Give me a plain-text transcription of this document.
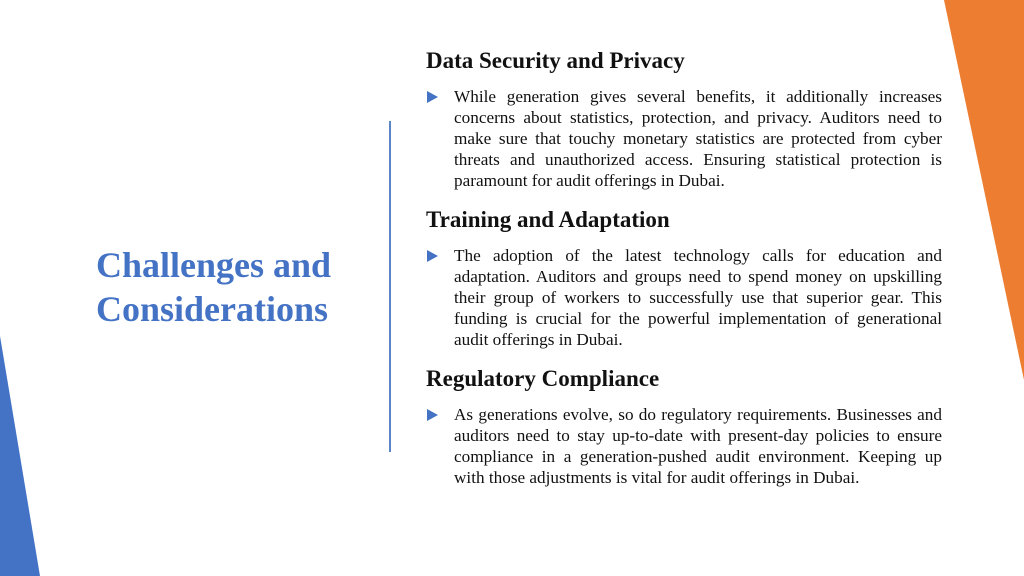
Challenges and
Considerations
Data Security and Privacy

While generation gives several benefits, it additionally increases concerns about statistics, protection, and privacy. Auditors need to make sure that touchy monetary statistics are protected from cyber threats and unauthorized access. Ensuring statistical protection is paramount for audit offerings in Dubai.

Training and Adaptation

The adoption of the latest technology calls for education and adaptation. Auditors and groups need to spend money on upskilling their group of workers to successfully use that superior gear. This funding is crucial for the powerful implementation of generational audit offerings in Dubai.

Regulatory Compliance

As generations evolve, so do regulatory requirements. Businesses and auditors need to stay up-to-date with present-day policies to ensure compliance in a generation-pushed audit environment. Keeping up with those adjustments is vital for audit offerings in Dubai.
